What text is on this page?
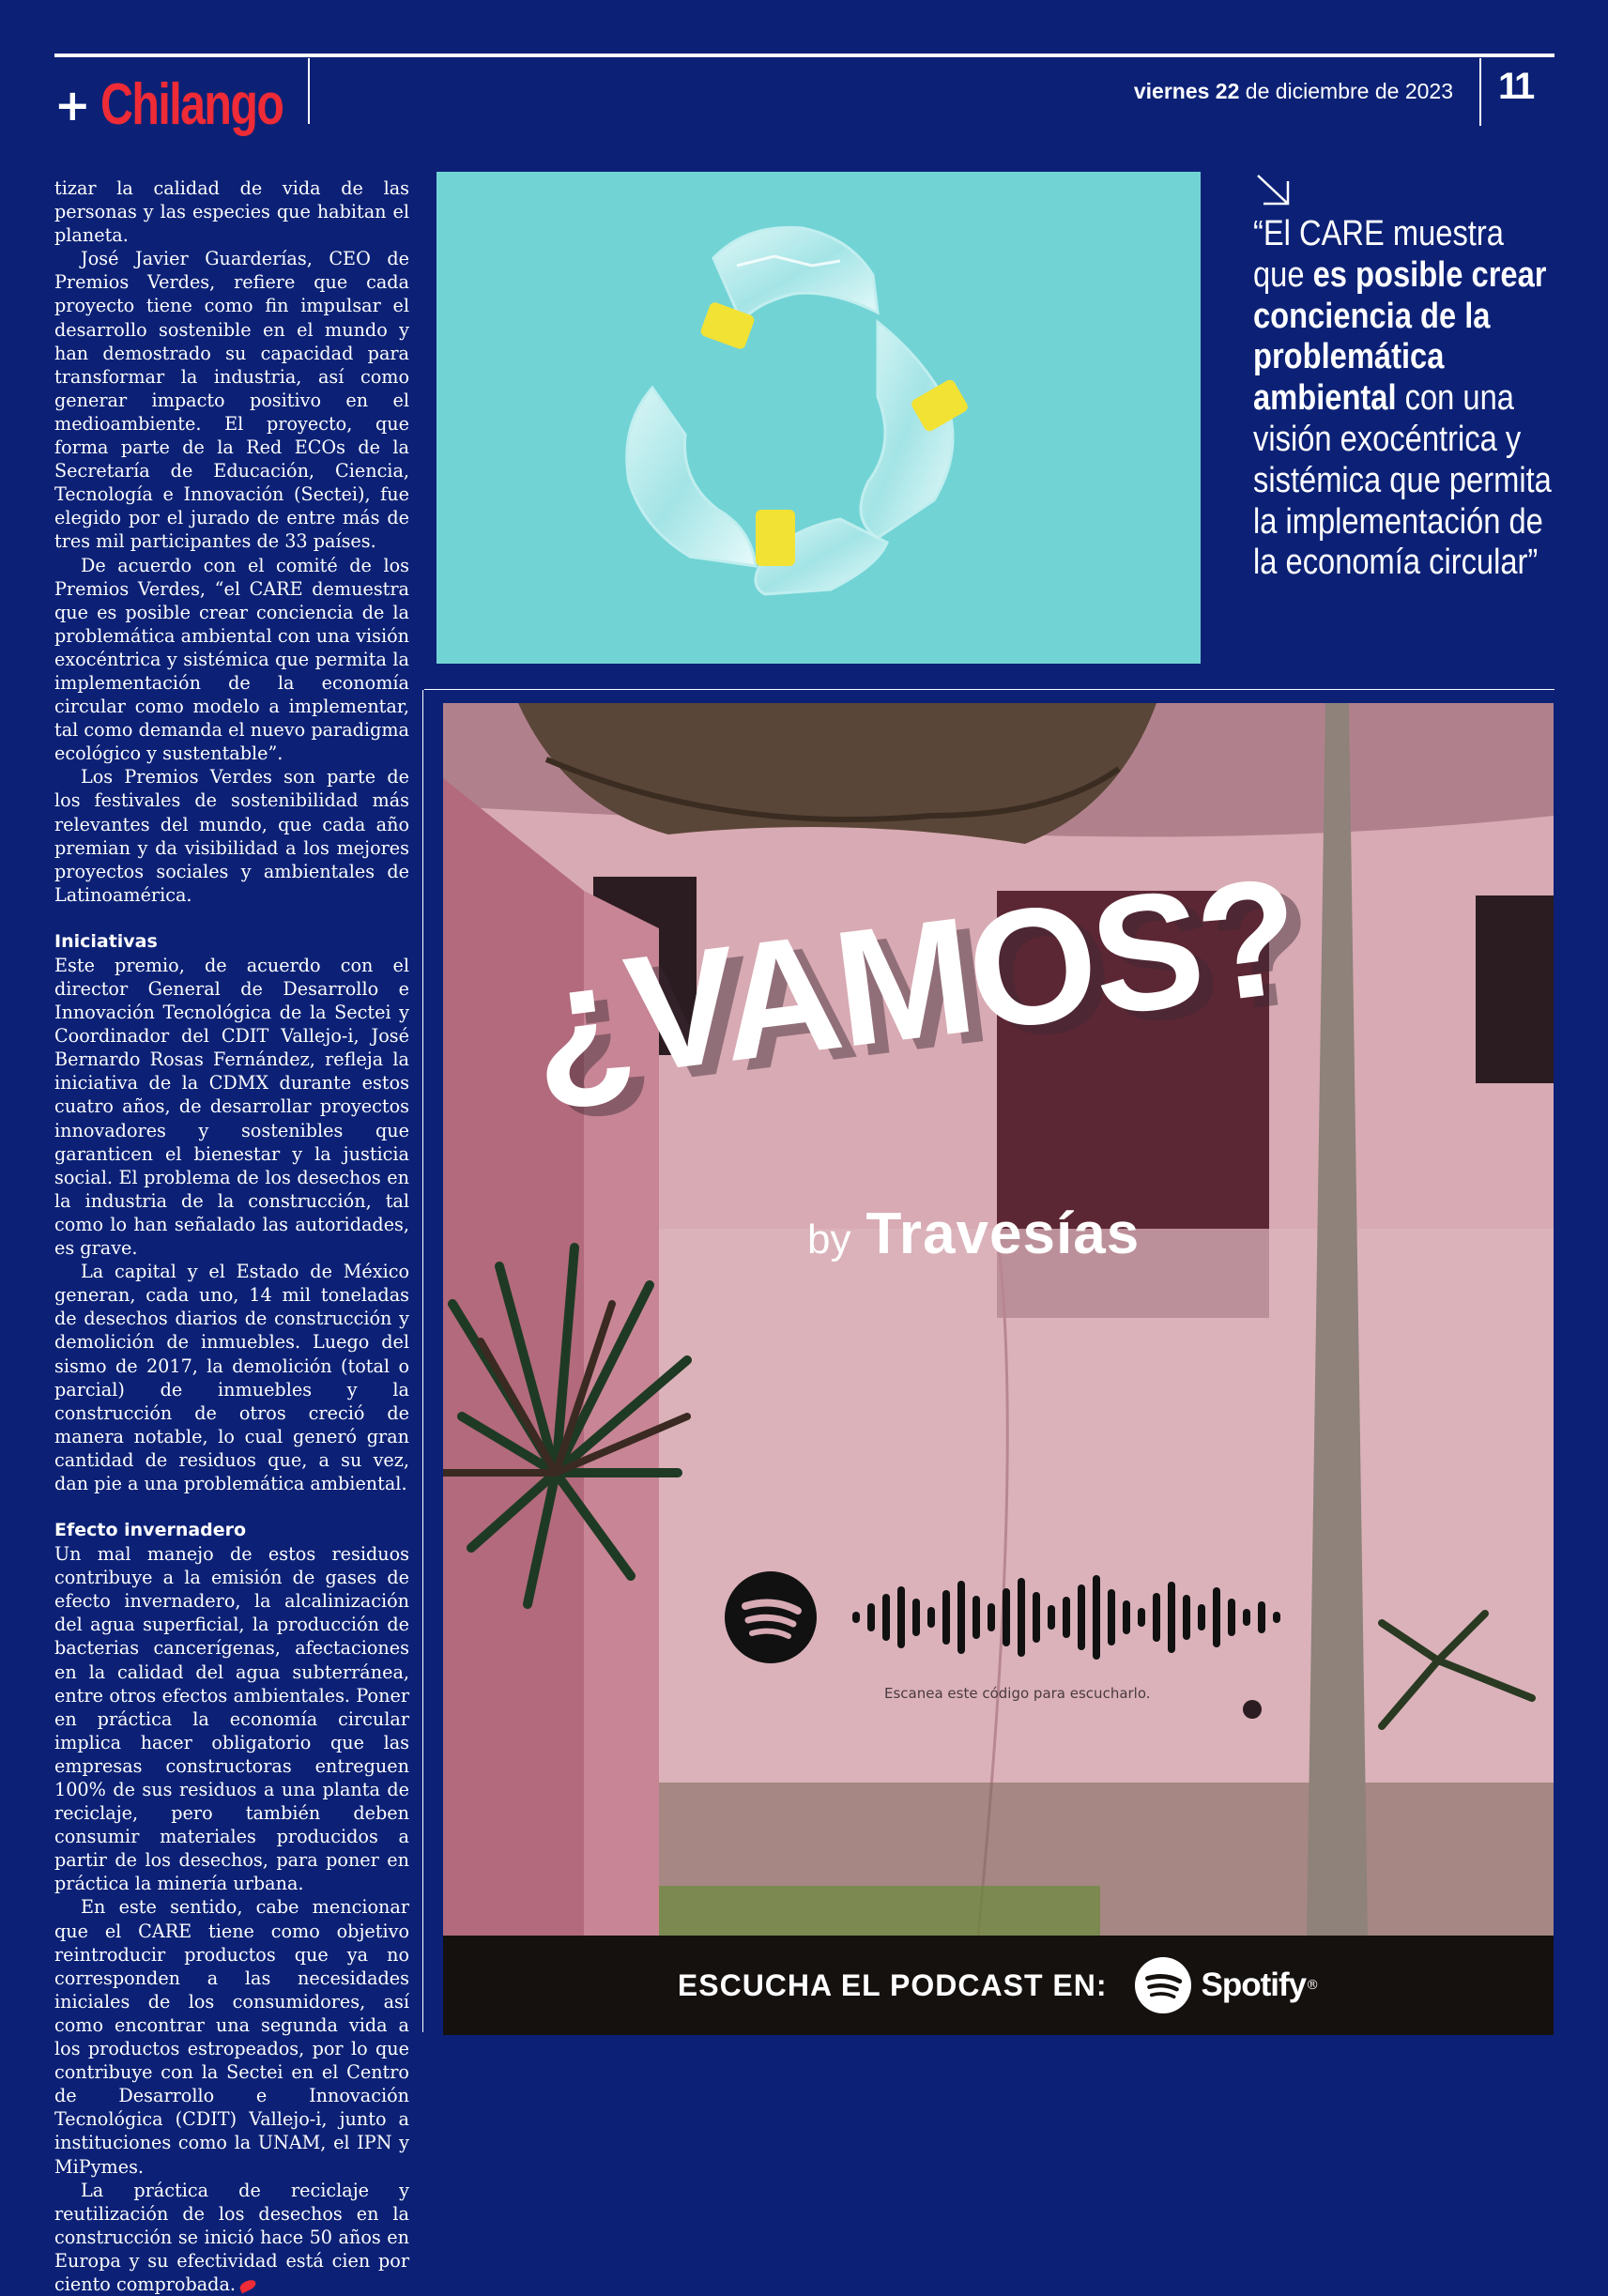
+ Chilango	viernes 22 de diciembre de 2023 11

tizar la calidad de vida de las personas y las especies que habitan el planeta.

José Javier Guarderías, CEO de Premios Verdes, refiere que cada proyecto tiene como fin impulsar el desarrollo sostenible en el mundo y han demostrado su capacidad para transformar la industria, así como generar impacto positivo en el medioambiente. El proyecto, que forma parte de la Red ECOs de la Secretaría de Educación, Ciencia, Tecnología e Innovación (Sectei), fue elegido por el jurado de entre más de tres mil participantes de 33 países.

De acuerdo con el comité de los Premios Verdes, “el CARE demuestra que es posible crear conciencia de la problemática ambiental con una visión exocéntrica y sistémica que permita la implementación de la economía circular como modelo a implementar, tal como demanda el nuevo paradigma ecológico y sustentable”.

Los Premios Verdes son parte de los festivales de sostenibilidad más relevantes del mundo, que cada año premian y da visibilidad a los mejores proyectos sociales y ambientales de Latinoamérica.

Iniciativas

Este premio, de acuerdo con el director General de Desarrollo e Innovación Tecnológica de la Sectei y Coordinador del CDIT Vallejo-i, José Bernardo Rosas Fernández, refleja la iniciativa de la CDMX durante estos cuatro años, de desarrollar proyectos innovadores y sostenibles que garanticen el bienestar y la justicia social. El problema de los desechos en la industria de la construcción, tal como lo han señalado las autoridades, es grave.

La capital y el Estado de México generan, cada uno, 14 mil toneladas de desechos diarios de construcción y demolición de inmuebles. Luego del sismo de 2017, la demolición (total o parcial) de inmuebles y la construcción de otros creció de manera notable, lo cual generó gran cantidad de residuos que, a su vez, dan pie a una problemática ambiental.

Efecto invernadero

Un mal manejo de estos residuos contribuye a la emisión de gases de efecto invernadero, la alcalinización del agua superficial, la producción de bacterias cancerígenas, afectaciones en la calidad del agua subterránea, entre otros efectos ambientales. Poner en práctica la economía circular implica hacer obligatorio que las empresas constructoras entreguen 100% de sus residuos a una planta de reciclaje, pero también deben consumir materiales producidos a partir de los desechos, para poner en práctica la minería urbana.

En este sentido, cabe mencionar que el CARE tiene como objetivo reintroducir productos que ya no corresponden a las necesidades iniciales de los consumidores, así como encontrar una segunda vida a los productos estropeados, por lo que contribuye con la Sectei en el Centro de Desarrollo e Innovación Tecnológica (CDIT) Vallejo-i, junto a instituciones como la UNAM, el IPN y MiPymes.

La práctica de reciclaje y reutilización de los desechos en la construcción se inició hace 50 años en Europa y su efectividad está cien por ciento comprobada.

“El CARE muestra que es posible crear conciencia de la problemática ambiental con una visión exocéntrica y sistémica que permita la implementación de la economía circular”
¿VAMOS?
by Travesías
Escanea este código para escucharlo.
ESCUCHA EL PODCAST EN:	Spotify ®
